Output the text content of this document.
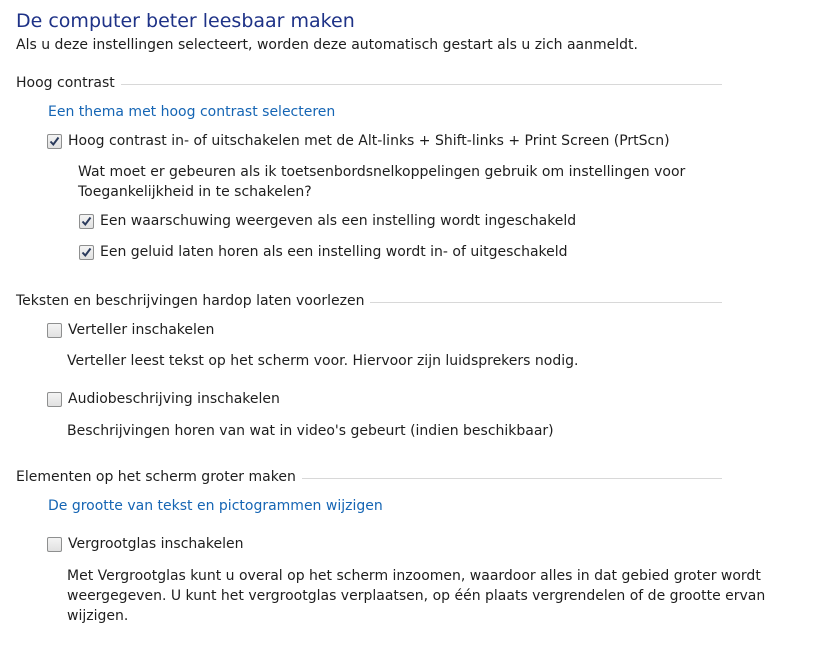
De computer beter leesbaar maken
Als u deze instellingen selecteert, worden deze automatisch gestart als u zich aanmeldt.
Hoog contrast
Een thema met hoog contrast selecteren
Hoog contrast in- of uitschakelen met de Alt-links + Shift-links + Print Screen (PrtScn)
Wat moet er gebeuren als ik toetsenbordsnelkoppelingen gebruik om instellingen voor
Toegankelijkheid in te schakelen?
Een waarschuwing weergeven als een instelling wordt ingeschakeld
Een geluid laten horen als een instelling wordt in- of uitgeschakeld
Teksten en beschrijvingen hardop laten voorlezen
Verteller inschakelen
Verteller leest tekst op het scherm voor. Hiervoor zijn luidsprekers nodig.
Audiobeschrijving inschakelen
Beschrijvingen horen van wat in video's gebeurt (indien beschikbaar)
Elementen op het scherm groter maken
De grootte van tekst en pictogrammen wijzigen
Vergrootglas inschakelen
Met Vergrootglas kunt u overal op het scherm inzoomen, waardoor alles in dat gebied groter wordt
weergegeven. U kunt het vergrootglas verplaatsen, op één plaats vergrendelen of de grootte ervan
wijzigen.
